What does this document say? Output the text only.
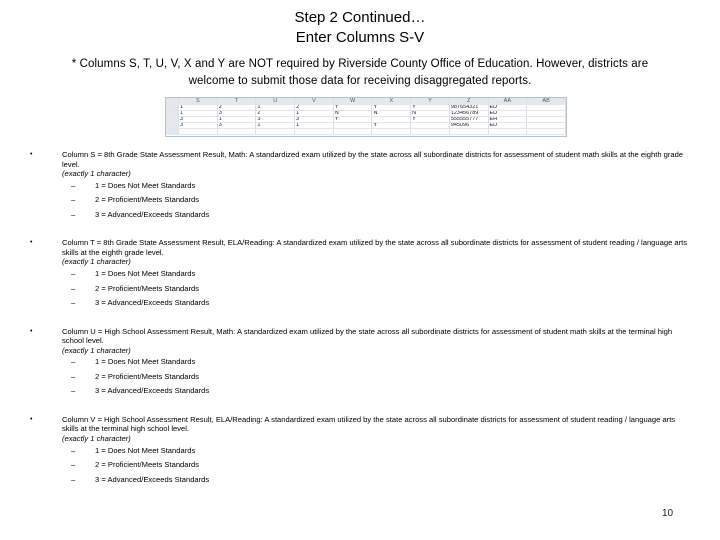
Step 2 Continued…
Enter Columns S-V
* Columns S, T, U, V, X and Y are NOT required by Riverside County Office of Education. However, districts are welcome to submit those data for receiving disaggregated reports.
	S	T	U	V	W	X	Y	Z	AA	AB
	1	2	1	2	Y	Y	Y	987654321	ED	
	1	3	2	1	N	N	N	123456789	ED	
	3	1	3	3	Y		Y	555555777	EH	
	3	3	1	1		Y		945096	ED	

•	Column S = 8th Grade State Assessment Result, Math: A standardized exam utilized by the state across all subordinate districts for assessment of student math skills at the eighth grade level.
(exactly 1 character)
–	1 = Does Not Meet Standards
–	2 = Proficient/Meets Standards
–	3 = Advanced/Exceeds Standards
•	Column T = 8th Grade State Assessment Result, ELA/Reading: A standardized exam utilized by the state across all subordinate districts for assessment of student reading / language arts skills at the eighth grade level.
(exactly 1 character)
–	1 = Does Not Meet Standards
–	2 = Proficient/Meets Standards
–	3 = Advanced/Exceeds Standards
•	Column U = High School Assessment Result, Math: A standardized exam utilized by the state across all subordinate districts for assessment of student math skills at the terminal high school level.
(exactly 1 character)
–	1 = Does Not Meet Standards
–	2 = Proficient/Meets Standards
–	3 = Advanced/Exceeds Standards
•	Column V = High School Assessment Result, ELA/Reading: A standardized exam utilized by the state across all subordinate districts for assessment of student reading / language arts skills at the terminal high school level.
(exactly 1 character)
–	1 = Does Not Meet Standards
–	2 = Proficient/Meets Standards
–	3 = Advanced/Exceeds Standards
10
